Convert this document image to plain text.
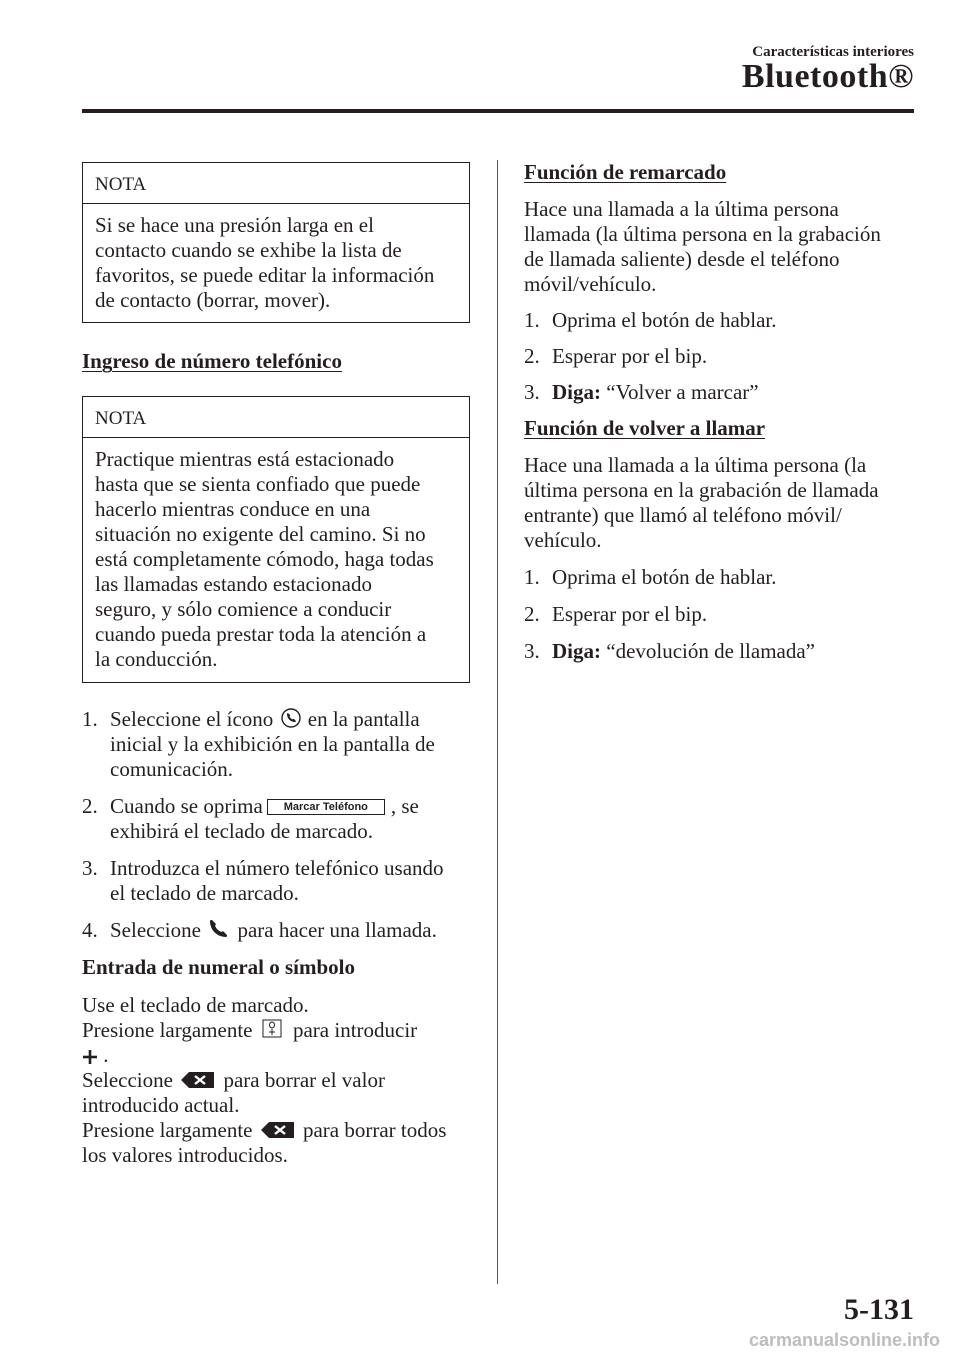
Características interiores
Bluetooth®
NOTA

Si se hace una presión larga en el

contacto cuando se exhibe la lista de

favoritos, se puede editar la información

de contacto (borrar, mover).

Ingreso de número telefónico
NOTA

Practique mientras está estacionado

hasta que se sienta confiado que puede

hacerlo mientras conduce en una

situación no exigente del camino. Si no

está completamente cómodo, haga todas

las llamadas estando estacionado

seguro, y sólo comience a conducir

cuando pueda prestar toda la atención a

la conducción.

1. Seleccione el ícono en la pantalla
inicial y la exhibición en la pantalla de
comunicación.
2. Cuando se oprima Marcar Teléfono , se
exhibirá el teclado de marcado.
3. Introduzca el número telefónico usando
el teclado de marcado.
4. Seleccione para hacer una llamada.
Entrada de numeral o símbolo

Use el teclado de marcado.

Presione largamente para introducir

.

Seleccione para borrar el valor

introducido actual.

Presione largamente para borrar todos

los valores introducidos.

Función de remarcado

Hace una llamada a la última persona

llamada (la última persona en la grabación

de llamada saliente) desde el teléfono

móvil/vehículo.

1. Oprima el botón de hablar.
2. Esperar por el bip.
3. Diga: “Volver a marcar”
Función de volver a llamar

Hace una llamada a la última persona (la

última persona en la grabación de llamada

entrante) que llamó al teléfono móvil/

vehículo.

1. Oprima el botón de hablar.
2. Esperar por el bip.
3. Diga: “devolución de llamada”
5-131
carmanualsonline.info
